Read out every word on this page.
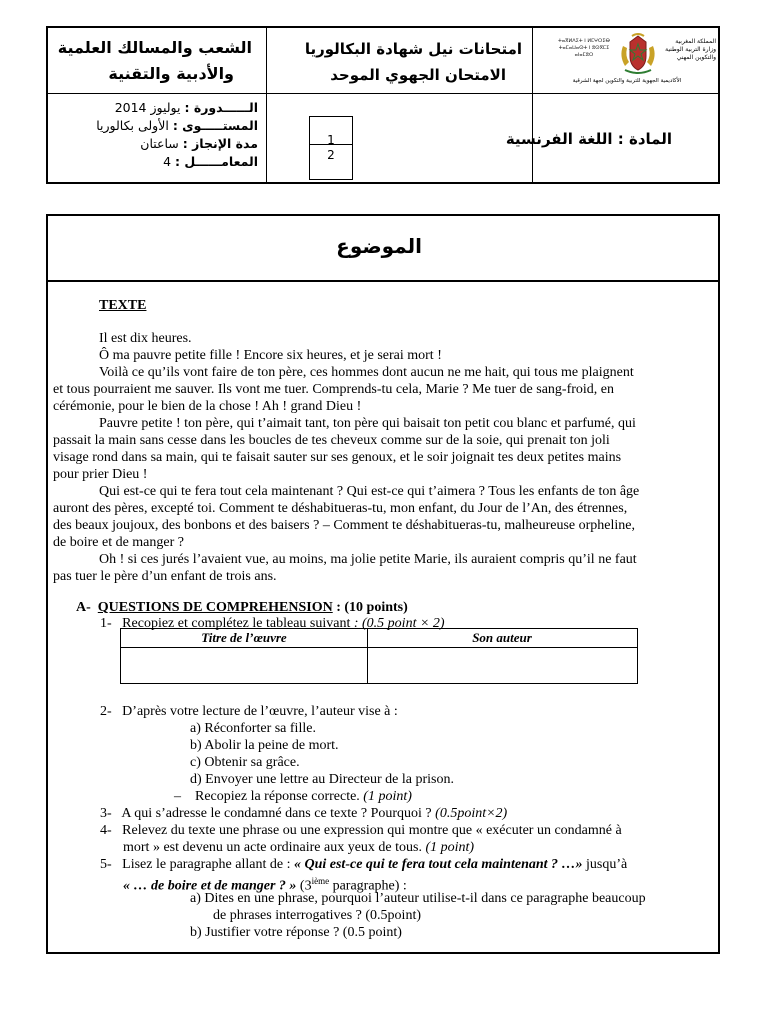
الشعب والمسالك العلمية
والأدبية والتقنية
امتحانات نيل شهادة البكالوريا
الامتحان الجهوي الموحد
ⵜⴰⴳⵍⴷⵉⵜ ⵏ ⵍⵎⵖⵔⵉⴱ ⵜⴰⵎⴰⵡⴰⵙⵜ ⵏ ⵓⵙⴳⵎⵉ ⴰⵏⴰⵎⵓⵔ
المملكة المغربية وزارة التربية الوطنية والتكوين المهني
الأكاديمية الجهوية للتربية والتكوين لجهة الشرقية
الــــــدورة : يوليوز 2014
المستـــــوى : الأولى بكالوريا
مدة الإنجاز : ساعتان
المعامــــــل : 4
المادة : اللغة الفرنسية
1
2
الموضوع
TEXTE
Il est dix heures.
Ô ma pauvre petite fille ! Encore six heures, et je serai mort !
Voilà ce qu’ils vont faire de ton père, ces hommes dont aucun ne me hait, qui tous me plaignent
et tous pourraient me sauver. Ils vont me tuer. Comprends-tu cela, Marie ? Me tuer de sang-froid, en
cérémonie, pour le bien de la chose ! Ah ! grand Dieu !
Pauvre petite ! ton père, qui t’aimait tant, ton père qui baisait ton petit cou blanc et parfumé, qui
passait la main sans cesse dans les boucles de tes cheveux comme sur de la soie, qui prenait ton joli
visage rond dans sa main, qui te faisait sauter sur ses genoux, et le soir joignait tes deux petites mains
pour prier Dieu !
Qui est-ce qui te fera tout cela maintenant ? Qui est-ce qui t’aimera ? Tous les enfants de ton âge
auront des pères, excepté toi. Comment te déshabitueras-tu, mon enfant, du Jour de l’An, des étrennes,
des beaux joujoux, des bonbons et des baisers ? – Comment te déshabitueras-tu, malheureuse orpheline,
de boire et de manger ?
Oh ! si ces jurés l’avaient vue, au moins, ma jolie petite Marie, ils auraient compris qu’il ne faut
pas tuer le père d’un enfant de trois ans.
A- QUESTIONS DE COMPREHENSION : (10 points)
1- Recopiez et complétez le tableau suivant : (0.5 point × 2)
Titre de l’œuvre	Son auteur
2- D’après votre lecture de l’œuvre, l’auteur vise à :
a) Réconforter sa fille.
b) Abolir la peine de mort.
c) Obtenir sa grâce.
d) Envoyer une lettre au Directeur de la prison.
– Recopiez la réponse correcte. (1 point)
3- A qui s’adresse le condamné dans ce texte ? Pourquoi ? (0.5point×2)
4- Relevez du texte une phrase ou une expression qui montre que « exécuter un condamné à
mort » est devenu un acte ordinaire aux yeux de tous. (1 point)
5- Lisez le paragraphe allant de : « Qui est-ce qui te fera tout cela maintenant ? …» jusqu’à
« … de boire et de manger ? » (3ième paragraphe) :
a) Dites en une phrase, pourquoi l’auteur utilise-t-il dans ce paragraphe beaucoup
de phrases interrogatives ? (0.5point)
b) Justifier votre réponse ? (0.5 point)
